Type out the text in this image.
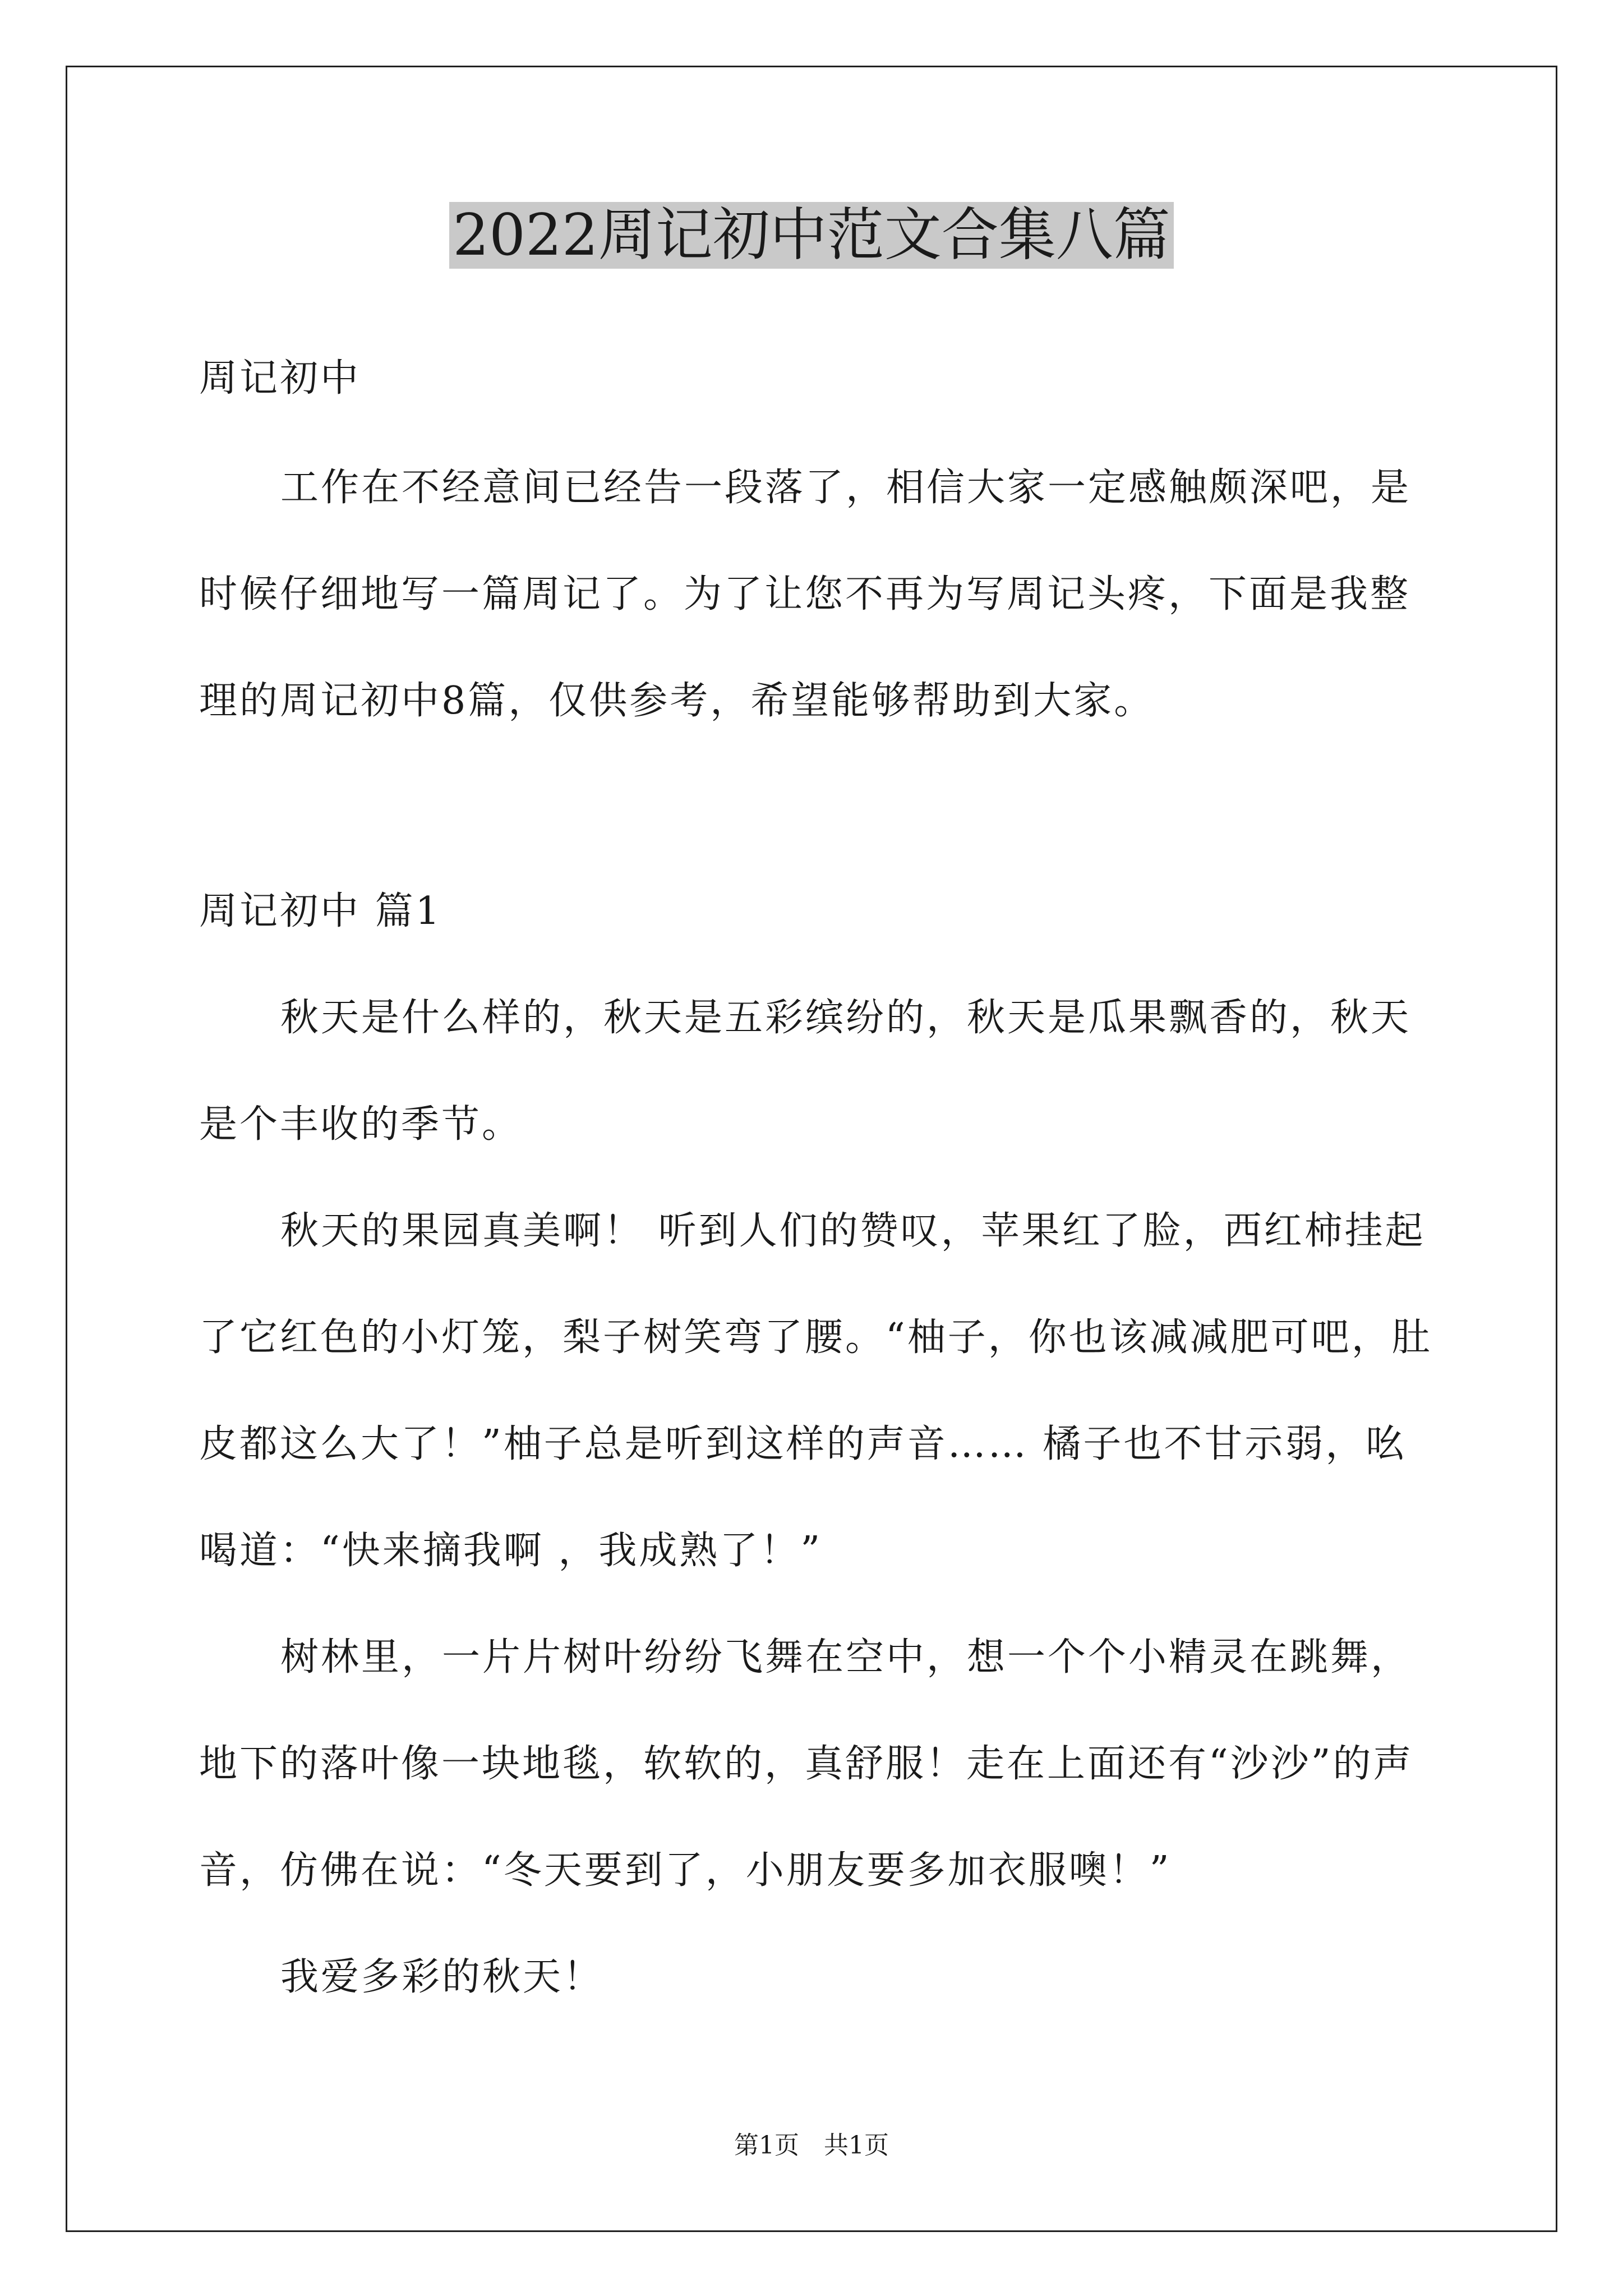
2022周记初中范文合集八篇
周记初中

工作在不经意间已经告一段落了，相信大家一定感触颇深吧，是时候仔细地写一篇周记了。为了让您不再为写周记头疼，下面是我整理的周记初中8篇，仅供参考，希望能够帮助到大家。

周记初中 篇1

秋天是什么样的，秋天是五彩缤纷的，秋天是瓜果飘香的，秋天是个丰收的季节。

秋天的果园真美啊！ 听到人们的赞叹，苹果红了脸，西红柿挂起了它红色的小灯笼，梨子树笑弯了腰。“柚子，你也该减减肥可吧，肚皮都这么大了！”柚子总是听到这样的声音…… 橘子也不甘示弱，吆喝道：“快来摘我啊 ，我成熟了！”

树林里，一片片树叶纷纷飞舞在空中，想一个个小精灵在跳舞，地下的落叶像一块地毯，软软的，真舒服！走在上面还有“沙沙”的声音，仿佛在说：“冬天要到了，小朋友要多加衣服噢！”

我爱多彩的秋天！

第1页 共1页
